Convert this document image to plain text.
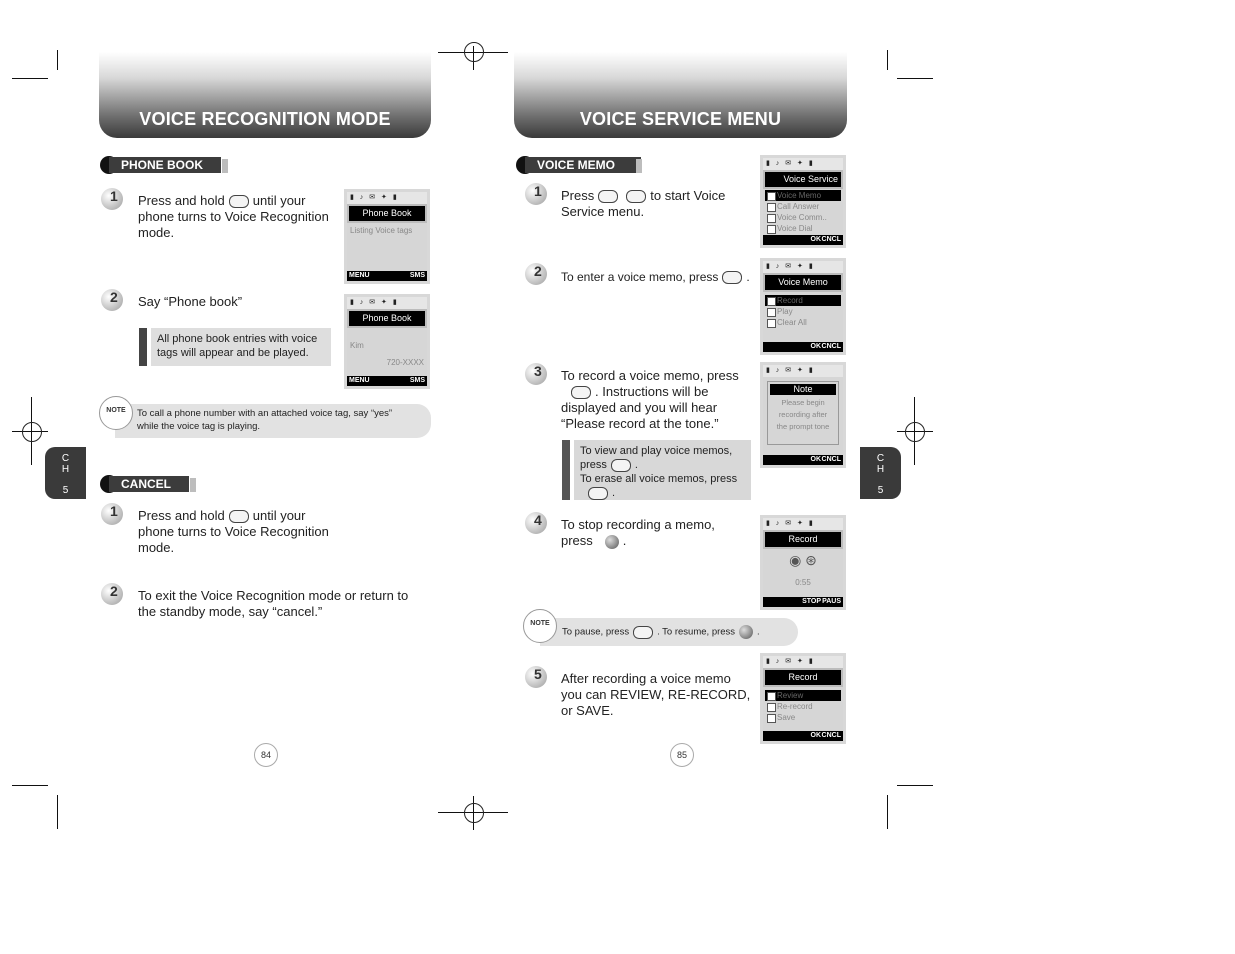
VOICE RECOGNITION MODE
PHONE BOOK
1 Press and hold until your
phone turns to Voice Recognition
mode.
▮ ♪ ✉ ✦ ▮
Phone Book
Listing Voice tags
MENU	SMS
2 Say “Phone book”
All phone book entries with voice
tags will appear and be played.
▮ ♪ ✉ ✦ ▮
Phone Book
Kim
720-XXXX
MENU	SMS
To call a phone number with an attached voice tag, say “yes”
while the voice tag is playing.
NOTE
C
H
5	CANCEL
1 Press and hold until your
phone turns to Voice Recognition
mode.
2 To exit the Voice Recognition mode or return to
the standby mode, say “cancel.”
84
VOICE SERVICE MENU
VOICE MEMO
1 Press	to start Voice
Service menu.
2 To enter a voice memo, press .
3 To record a voice memo, press
. Instructions will be
displayed and you will hear
“Please record at the tone.”
To view and play voice memos,
press	.
To erase all voice memos, press
.
4 To stop recording a memo,
press .
To pause, press	. To resume, press .
NOTE
5 After recording a voice memo
you can REVIEW, RE-RECORD,
or SAVE.
▮ ♪ ✉ ✦ ▮
Voice Service
Voice Memo
Call Answer
Voice Comm..
Voice Dial
OK CNCL
▮ ♪ ✉ ✦ ▮
Voice Memo
Record
Play
Clear All
OK CNCL
▮ ♪ ✉ ✦ ▮
Note
Please begin
recording after
the prompt tone
OK CNCL
▮ ♪ ✉ ✦ ▮
Record
◉ ⊛
0:55
STOP PAUS
▮ ♪ ✉ ✦ ▮
Record
Review
Re-record
Save
OK CNCL
C
H
5
85
